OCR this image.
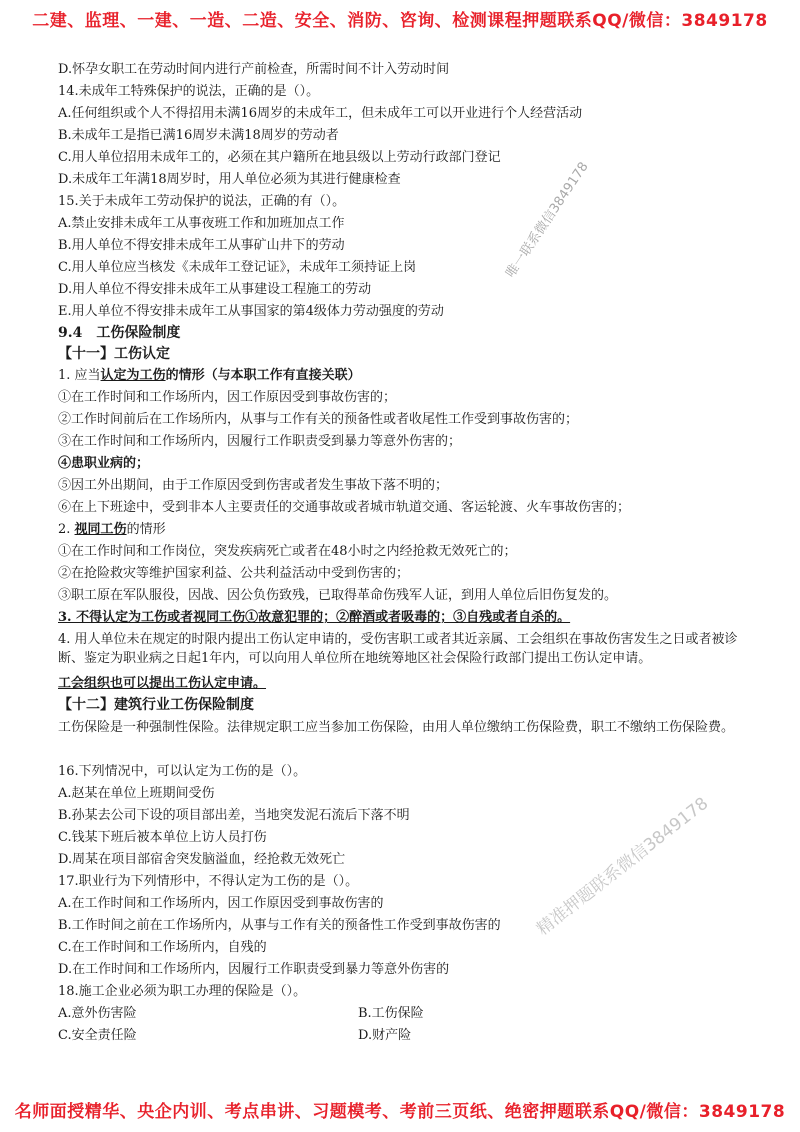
二建、监理、一建、一造、二造、安全、消防、咨询、检测课程押题联系QQ/微信：3849178
D.怀孕女职工在劳动时间内进行产前检查，所需时间不计入劳动时间
14.未成年工特殊保护的说法，正确的是（）。
A.任何组织或个人不得招用未满16周岁的未成年工，但未成年工可以开业进行个人经营活动
B.未成年工是指已满16周岁未满18周岁的劳动者
C.用人单位招用未成年工的，必须在其户籍所在地县级以上劳动行政部门登记
D.未成年工年满18周岁时，用人单位必须为其进行健康检查
15.关于未成年工劳动保护的说法，正确的有（）。
A.禁止安排未成年工从事夜班工作和加班加点工作
B.用人单位不得安排未成年工从事矿山井下的劳动
C.用人单位应当核发《未成年工登记证》，未成年工须持证上岗
D.用人单位不得安排未成年工从事建设工程施工的劳动
E.用人单位不得安排未成年工从事国家的第4级体力劳动强度的劳动
9.4　工伤保险制度
【十一】工伤认定
1. 应当认定为工伤的情形（与本职工作有直接关联）
①在工作时间和工作场所内，因工作原因受到事故伤害的；
②工作时间前后在工作场所内，从事与工作有关的预备性或者收尾性工作受到事故伤害的；
③在工作时间和工作场所内，因履行工作职责受到暴力等意外伤害的；
④患职业病的；
⑤因工外出期间，由于工作原因受到伤害或者发生事故下落不明的；
⑥在上下班途中，受到非本人主要责任的交通事故或者城市轨道交通、客运轮渡、火车事故伤害的；
2. 视同工伤的情形
①在工作时间和工作岗位，突发疾病死亡或者在48小时之内经抢救无效死亡的；
②在抢险救灾等维护国家利益、公共利益活动中受到伤害的；
③职工原在军队服役，因战、因公负伤致残，已取得革命伤残军人证，到用人单位后旧伤复发的。
3. 不得认定为工伤或者视同工伤①故意犯罪的；②醉酒或者吸毒的；③自残或者自杀的。
4. 用人单位未在规定的时限内提出工伤认定申请的，受伤害职工或者其近亲属、工会组织在事故伤害发生之日或者被诊断、鉴定为职业病之日起1年内，可以向用人单位所在地统筹地区社会保险行政部门提出工伤认定申请。
工会组织也可以提出工伤认定申请。
【十二】建筑行业工伤保险制度
工伤保险是一种强制性保险。法律规定职工应当参加工伤保险，由用人单位缴纳工伤保险费，职工不缴纳工伤保险费。
16.下列情况中，可以认定为工伤的是（）。
A.赵某在单位上班期间受伤
B.孙某去公司下设的项目部出差，当地突发泥石流后下落不明
C.钱某下班后被本单位上访人员打伤
D.周某在项目部宿舍突发脑溢血，经抢救无效死亡
17.职业行为下列情形中，不得认定为工伤的是（）。
A.在工作时间和工作场所内，因工作原因受到事故伤害的
B.工作时间之前在工作场所内，从事与工作有关的预备性工作受到事故伤害的
C.在工作时间和工作场所内，自残的
D.在工作时间和工作场所内，因履行工作职责受到暴力等意外伤害的
18.施工企业必须为职工办理的保险是（）。
A.意外伤害险	B.工伤保险
C.安全责任险	D.财产险
唯一联系微信3849178
精准押题联系微信3849178
名师面授精华、央企内训、考点串讲、习题模考、考前三页纸、绝密押题联系QQ/微信：3849178
